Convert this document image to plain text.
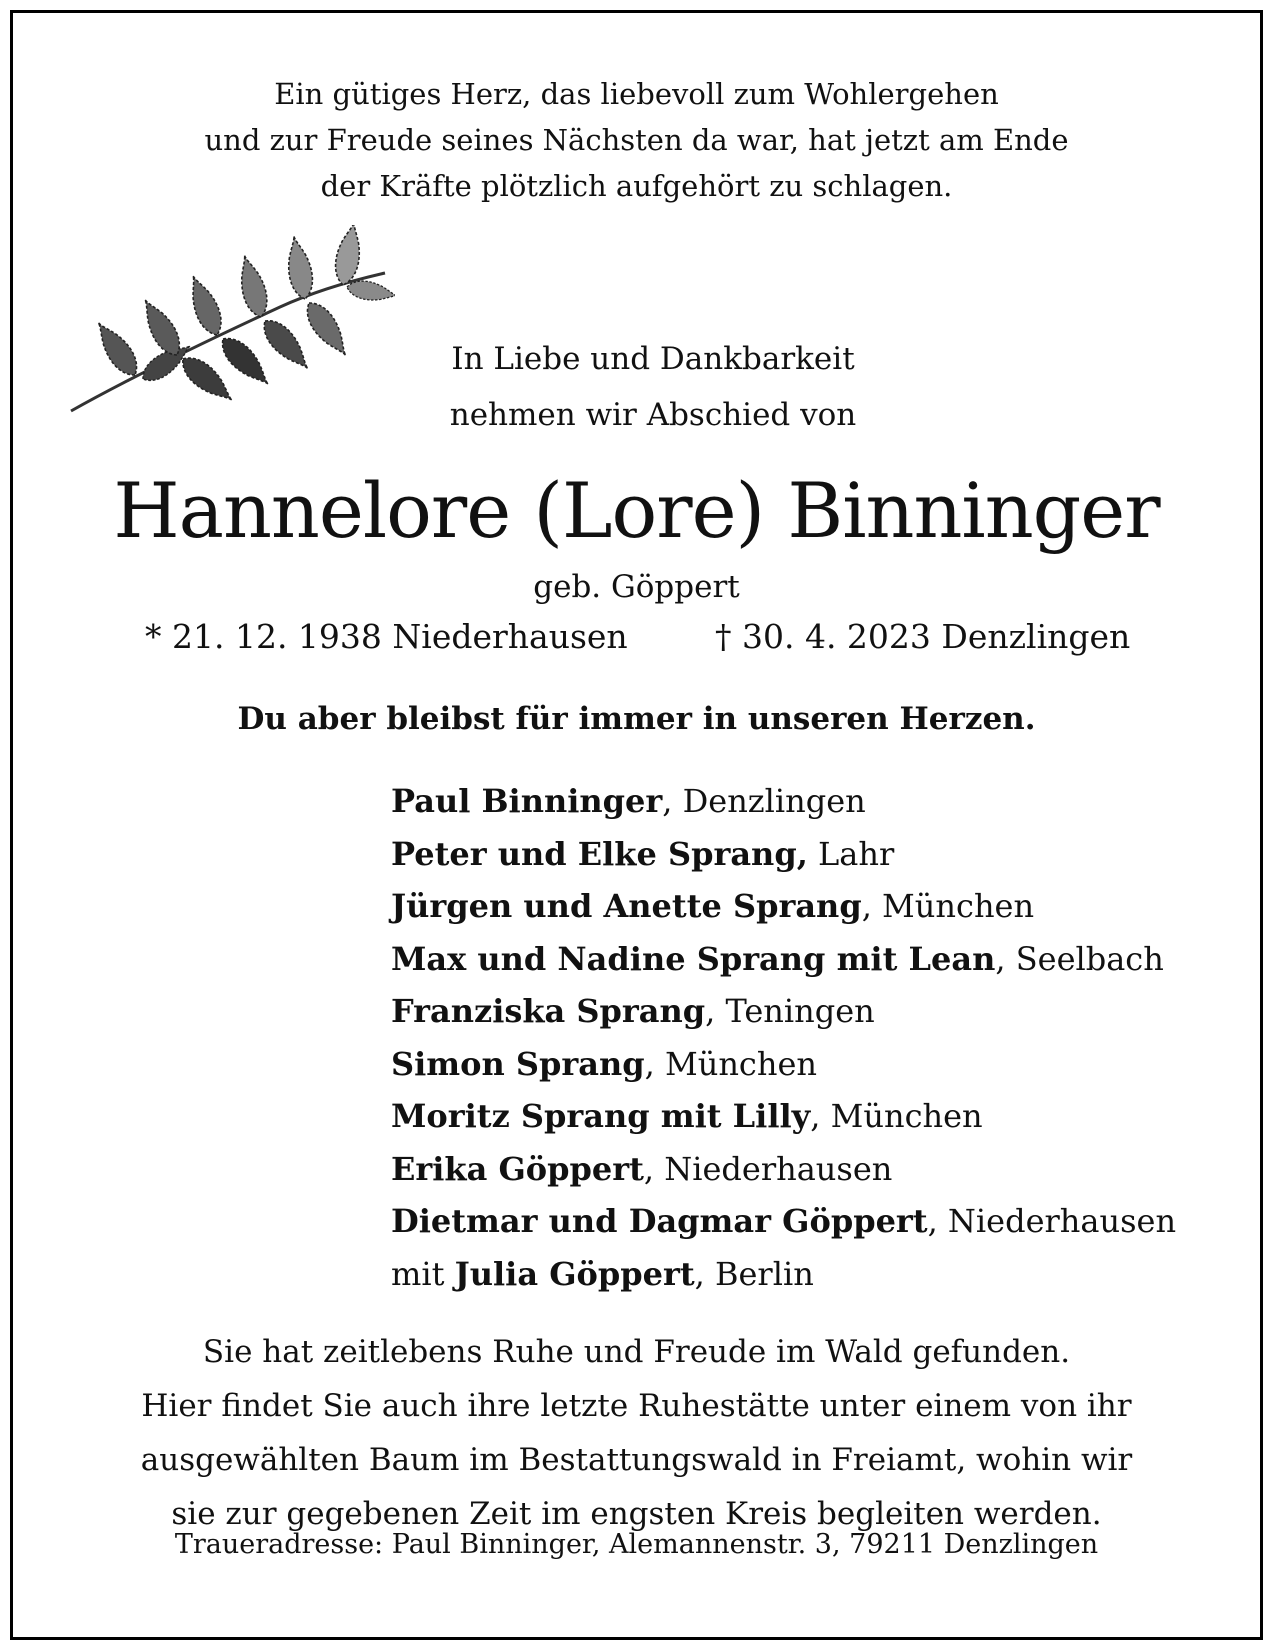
Ein gütiges Herz, das liebevoll zum Wohlergehen
und zur Freude seines Nächsten da war, hat jetzt am Ende
der Kräfte plötzlich aufgehört zu schlagen.
In Liebe und Dankbarkeit
nehmen wir Abschied von
Hannelore (Lore) Binninger
geb. Göppert
* 21. 12. 1938 Niederhausen	† 30. 4. 2023 Denzlingen
Du aber bleibst für immer in unseren Herzen.
Paul Binninger, Denzlingen
Peter und Elke Sprang, Lahr
Jürgen und Anette Sprang, München
Max und Nadine Sprang mit Lean, Seelbach
Franziska Sprang, Teningen
Simon Sprang, München
Moritz Sprang mit Lilly, München
Erika Göppert, Niederhausen
Dietmar und Dagmar Göppert, Niederhausen
mit Julia Göppert, Berlin
Sie hat zeitlebens Ruhe und Freude im Wald gefunden.
Hier findet Sie auch ihre letzte Ruhestätte unter einem von ihr
ausgewählten Baum im Bestattungswald in Freiamt, wohin wir
sie zur gegebenen Zeit im engsten Kreis begleiten werden.
Traueradresse: Paul Binninger, Alemannenstr. 3, 79211 Denzlingen
